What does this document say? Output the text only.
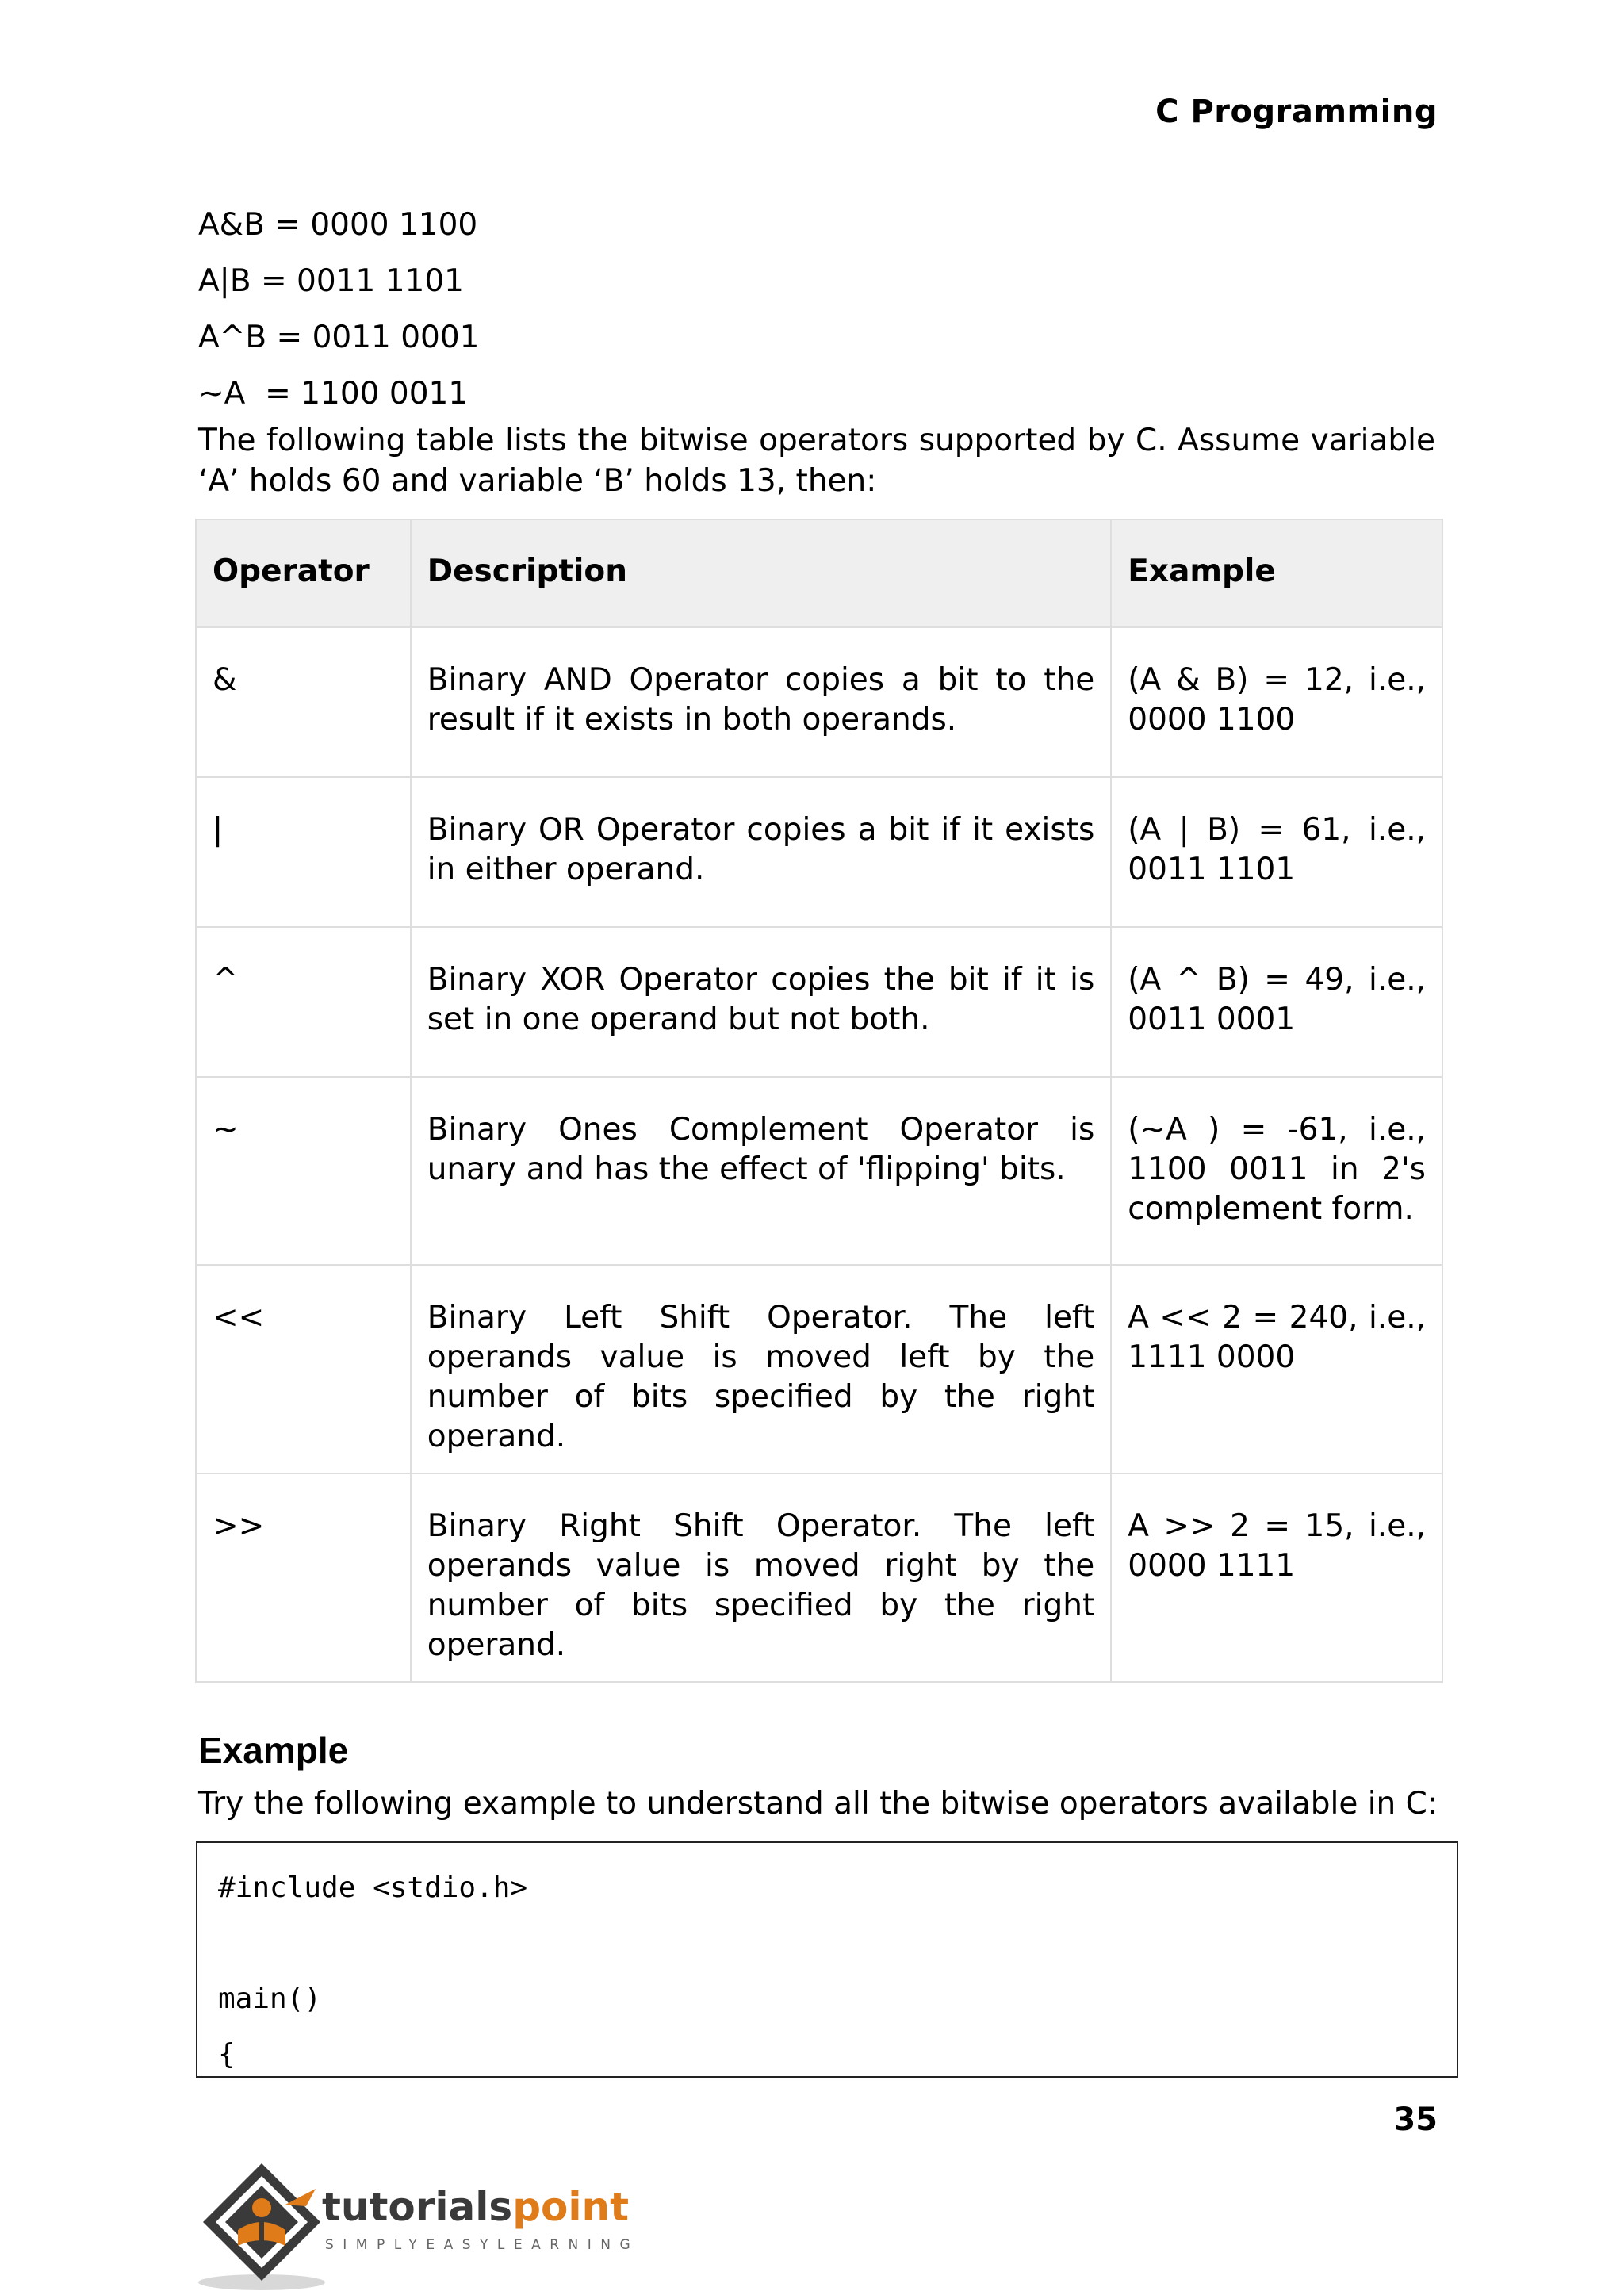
C Programming
A&B = 0000 1100
A|B = 0011 1101
A^B = 0011 0001
~A  = 1100 0011
The following table lists the bitwise operators supported by C. Assume variable ‘A’ holds 60 and variable ‘B’ holds 13, then:
Operator	Description	Example
&	Binary AND Operator copies a bit to the result if it exists in both operands.	(A & B) = 12, i.e., 0000 1100
|	Binary OR Operator copies a bit if it exists in either operand.	(A | B) = 61, i.e., 0011 1101
^	Binary XOR Operator copies the bit if it is set in one operand but not both.	(A ^ B) = 49, i.e., 0011 0001
~	Binary Ones Complement Operator is unary and has the effect of 'flipping' bits.	(~A ) = -61, i.e., 1100 0011 in 2's complement form.
<<	Binary Left Shift Operator. The left operands value is moved left by the number of bits specified by the right operand.	A << 2 = 240, i.e., 1111 0000
>>	Binary Right Shift Operator. The left operands value is moved right by the number of bits specified by the right operand.	A >> 2 = 15, i.e., 0000 1111
Example
Try the following example to understand all the bitwise operators available in C:
#include <stdio.h>
main()
{
35
tutorialspoint
SIMPLYEASYLEARNING
